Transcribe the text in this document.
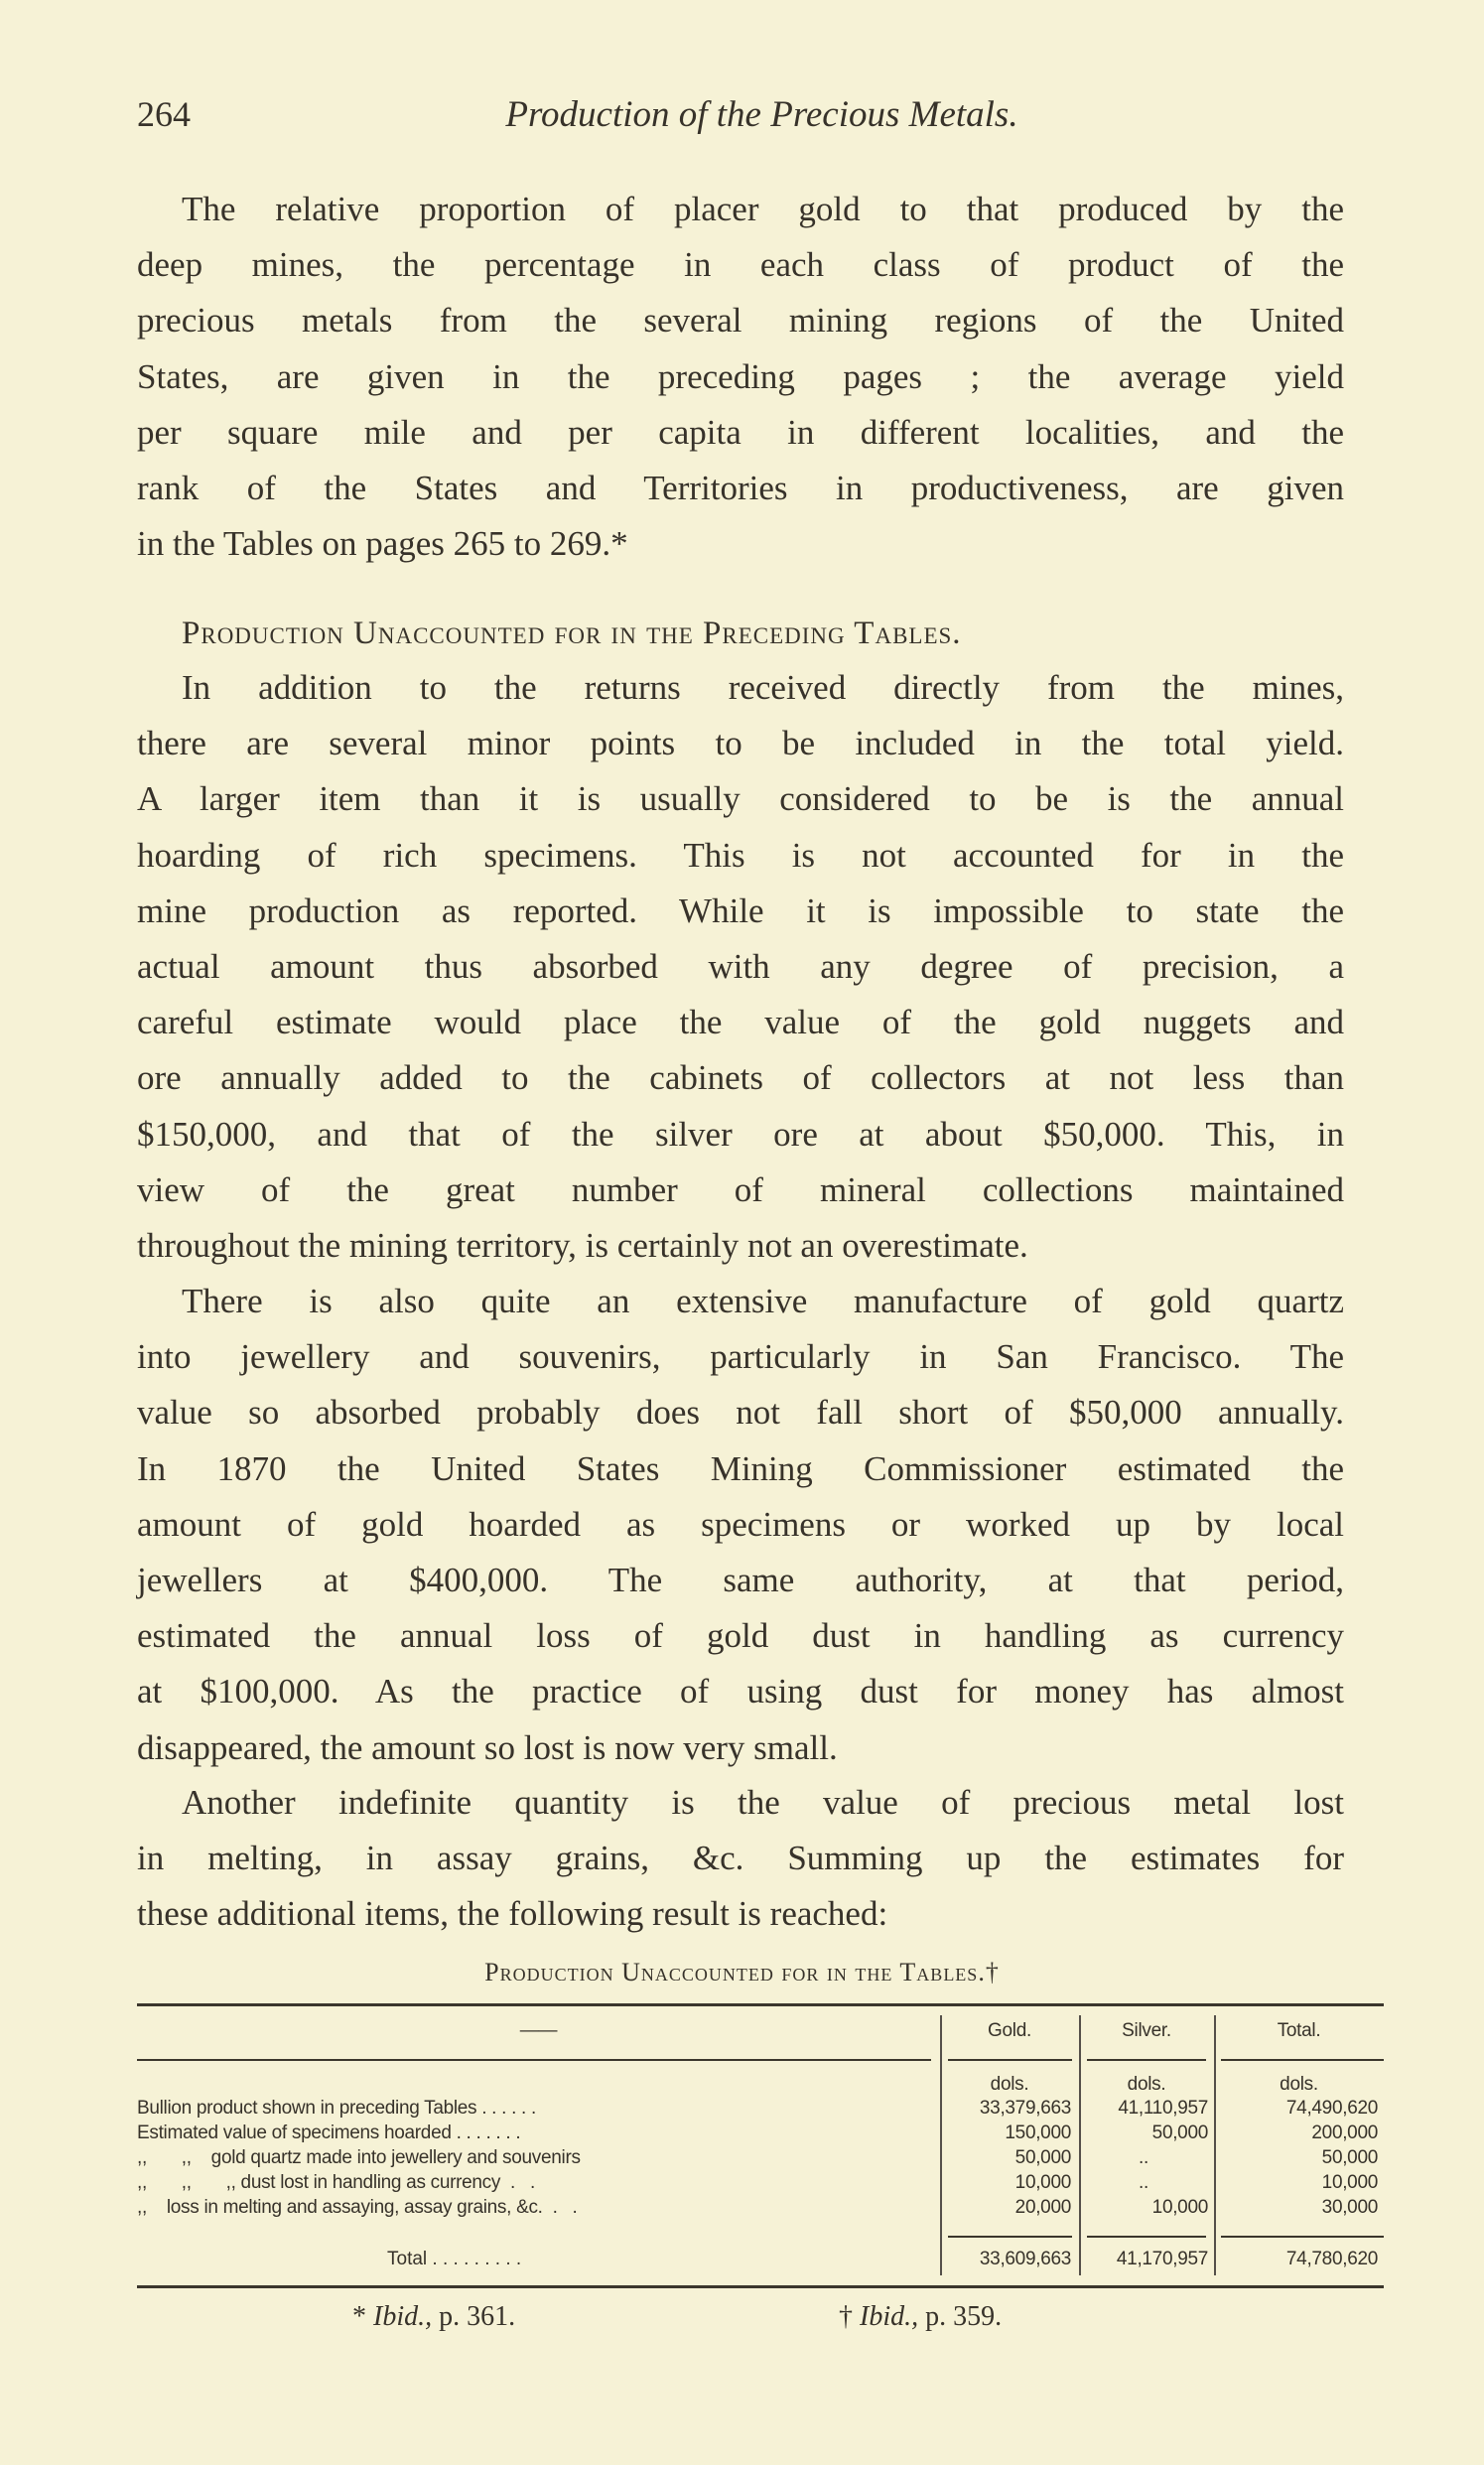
264	Production of the Precious Metals.
The relative proportion of placer gold to that produced by the
deep mines, the percentage in each class of product of the
precious metals from the several mining regions of the United
States, are given in the preceding pages ; the average yield
per square mile and per capita in different localities, and the
rank of the States and Territories in productiveness, are given
in the Tables on pages 265 to 269.*
Production Unaccounted for in the Preceding Tables.
In addition to the returns received directly from the mines,
there are several minor points to be included in the total yield.
A larger item than it is usually considered to be is the annual
hoarding of rich specimens. This is not accounted for in the
mine production as reported. While it is impossible to state the
actual amount thus absorbed with any degree of precision, a
careful estimate would place the value of the gold nuggets and
ore annually added to the cabinets of collectors at not less than
$150,000, and that of the silver ore at about $50,000. This, in
view of the great number of mineral collections maintained
throughout the mining territory, is certainly not an overestimate.
There is also quite an extensive manufacture of gold quartz
into jewellery and souvenirs, particularly in San Francisco. The
value so absorbed probably does not fall short of $50,000 annually.
In 1870 the United States Mining Commissioner estimated the
amount of gold hoarded as specimens or worked up by local
jewellers at $400,000. The same authority, at that period,
estimated the annual loss of gold dust in handling as currency
at $100,000. As the practice of using dust for money has almost
disappeared, the amount so lost is now very small.
Another indefinite quantity is the value of precious metal lost
in melting, in assay grains, &c. Summing up the estimates for
these additional items, the following result is reached:
Production Unaccounted for in the Tables.†
——	Gold.	Silver.	Total.
dols.	dols.	dols.
Bullion product shown in preceding Tables . . . . . .	33,379,663	41,110,957	74,490,620
Estimated value of specimens hoarded . . . . . . .	150,000	50,000	200,000
,,       ,,    gold quartz made into jewellery and souvenirs	50,000	..	50,000
,,       ,,       ,, dust lost in handling as currency  .   .	10,000	..	10,000
,,    loss in melting and assaying, assay grains, &c.  .   .	20,000	10,000	30,000
Total . . . . . . . . .	33,609,663	41,170,957	74,780,620
* Ibid., p. 361.	† Ibid., p. 359.
